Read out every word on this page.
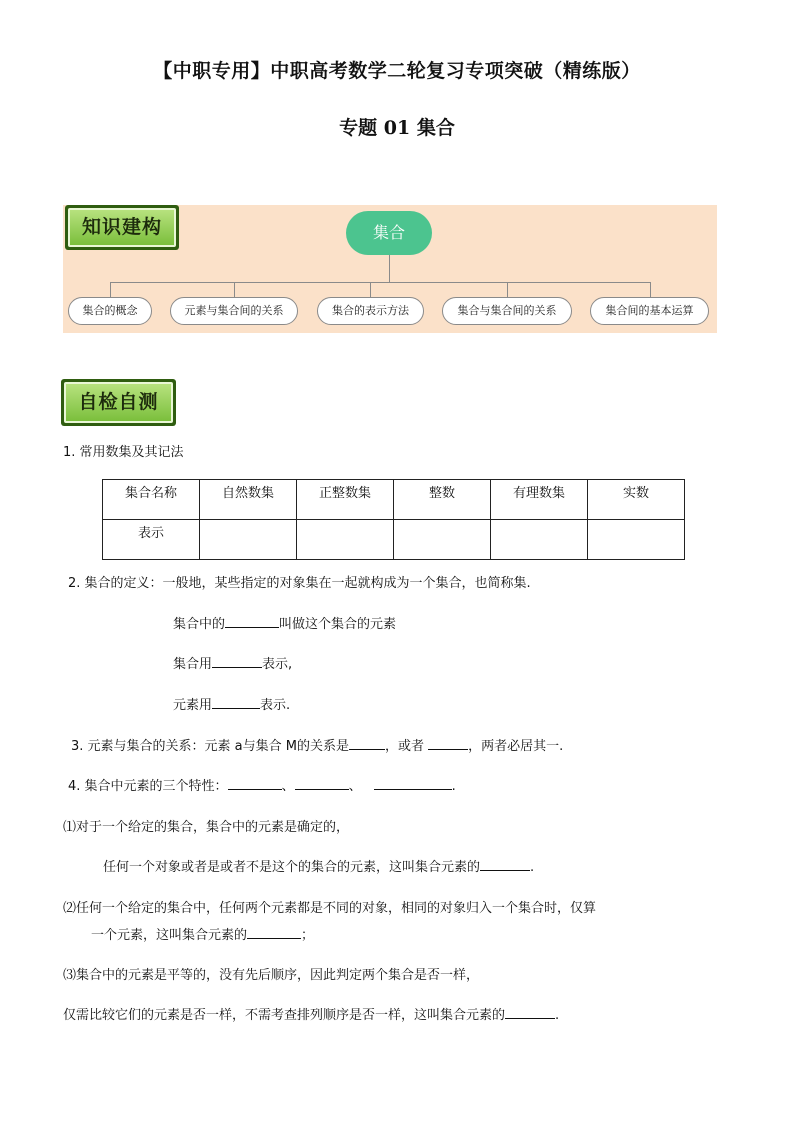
【中职专用】中职高考数学二轮复习专项突破（精练版）
专题 01 集合
知识建构	集合
集合的概念	元素与集合间的关系	集合的表示方法	集合与集合间的关系	集合间的基本运算
自检自测
1. 常用数集及其记法
集合名称	自然数集	正整数集	整数	有理数集	实数
表示					
2. 集合的定义：一般地，某些指定的对象集在一起就构成为一个集合，也简称集.
集合中的	叫做这个集合的元素
集合用	表示,
元素用	表示.
3. 元素与集合的关系：元素 a与集合 M的关系是	，或者	，两者必居其一.
4. 集合中元素的三个特性：	、	、	.
⑴对于一个给定的集合，集合中的元素是确定的，
任何一个对象或者是或者不是这个的集合的元素，这叫集合元素的	.
⑵任何一个给定的集合中，任何两个元素都是不同的对象，相同的对象归入一个集合时，仅算
一个元素，这叫集合元素的	；
⑶集合中的元素是平等的，没有先后顺序，因此判定两个集合是否一样，
仅需比较它们的元素是否一样，不需考查排列顺序是否一样，这叫集合元素的	.
